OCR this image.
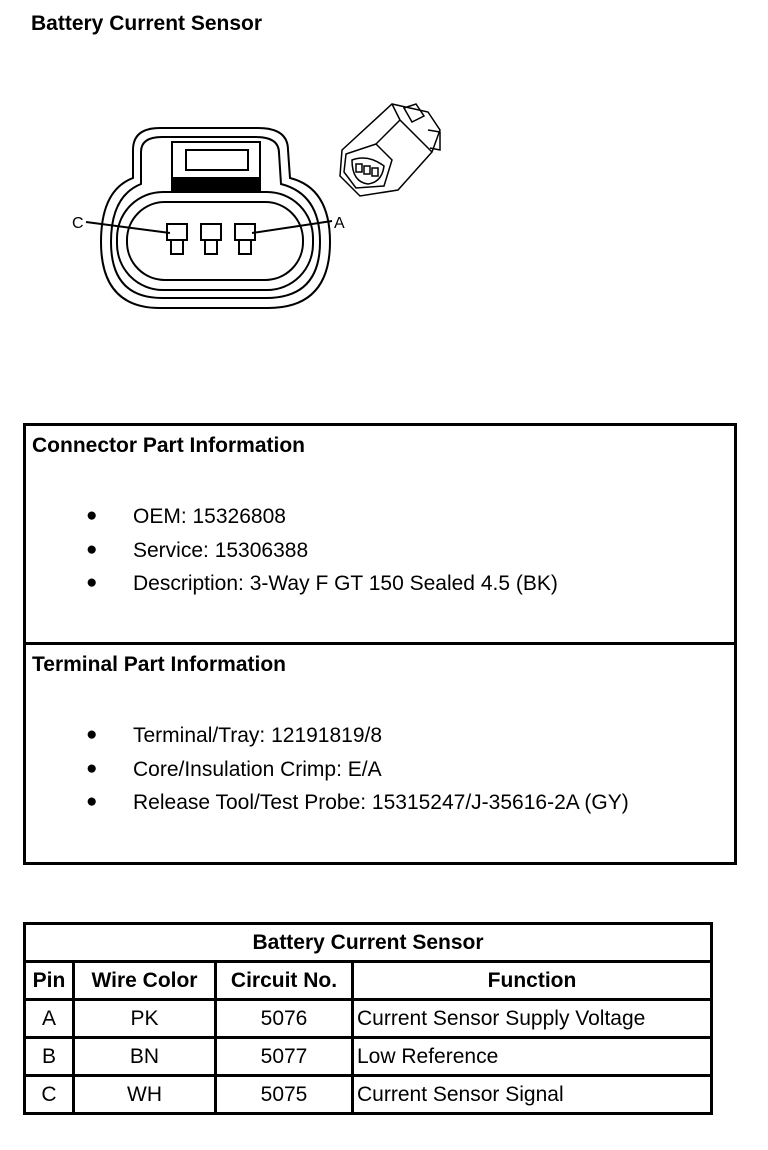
Battery Current Sensor
C	A
Connector Part Information
● OEM: 15326808
● Service: 15306388
● Description: 3-Way F GT 150 Sealed 4.5 (BK)
Terminal Part Information
● Terminal/Tray: 12191819/8
● Core/Insulation Crimp: E/A
● Release Tool/Test Probe: 15315247/J-35616-2A (GY)
Battery Current Sensor			
Pin	Wire Color	Circuit No.	Function
A	PK	5076	Current Sensor Supply Voltage
B	BN	5077	Low Reference
C	WH	5075	Current Sensor Signal
